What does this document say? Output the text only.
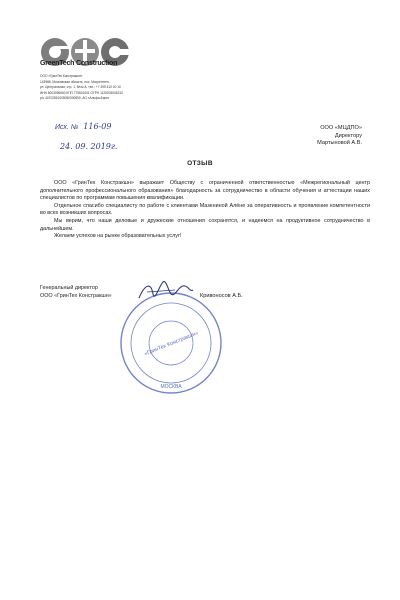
GreenTech Construction
ООО «ГринТех Констракшн»
143986, Московская область, пос. Мосрентген,
ул. Центральная, стр. 1, блок А, тел.: +7 495 410 40 10
ИНН 5003096650 КПП 775601001 ОГРН 1125003006210
р/с 40702810005050000890, АО «Альфа-Банк»
Исх. № 116-09
24. 09. 2019г.
ООО «МЦДПО»
Директору
Мартыновой А.В.
ОТЗЫВ

ООО «ГринТех Констракшн» выражает Обществу с ограниченной ответственностью «Межрегиональный центр дополнительного профессионального образования» благодарность за сотрудничество в области обучения и аттестации наших специалистов по программам повышения квалификации.

Отдельное спасибо специалисту по работе с клиентами Мазениной Алёне за оперативность и проявление компетентности во всех возникших вопросах.

Мы верим, что наши деловые и дружеские отношения сохранятся, и надеемся на продуктивное сотрудничество в дальнейшем.

Желаем успехов на рынке образовательных услуг!

Генеральный директор
ООО «ГринТех Констракшн»
«ГринТех Констракшн»
МОСКВА
Кривоносов А.Б.
